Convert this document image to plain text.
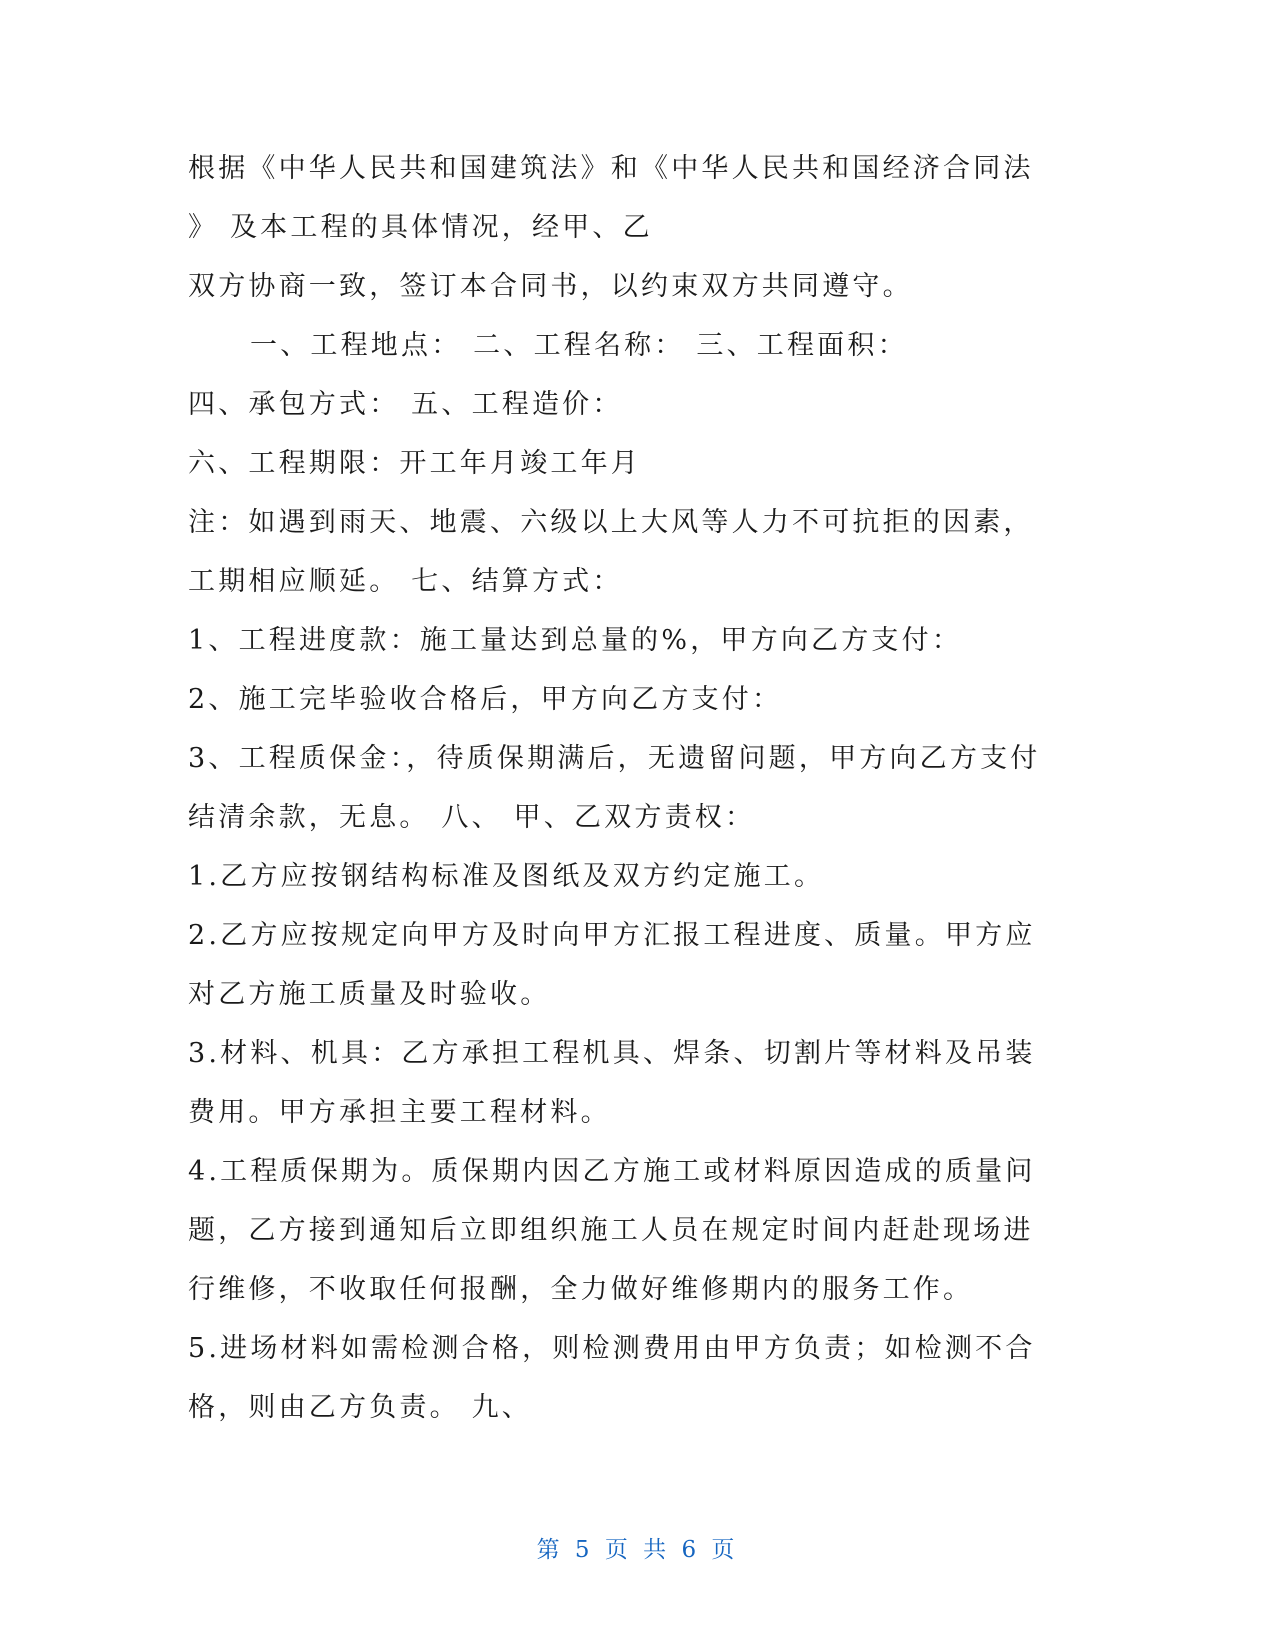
根据《中华人民共和国建筑法》和《中华人民共和国经济合同法
》 及本工程的具体情况，经甲、乙
双方协商一致，签订本合同书，以约束双方共同遵守。
一、工程地点： 二、工程名称： 三、工程面积：
四、承包方式： 五、工程造价：
六、工程期限：开工年月竣工年月
注：如遇到雨天、地震、六级以上大风等人力不可抗拒的因素，
工期相应顺延。 七、结算方式：
1、工程进度款：施工量达到总量的%，甲方向乙方支付：
2、施工完毕验收合格后，甲方向乙方支付：
3、工程质保金：，待质保期满后，无遗留问题，甲方向乙方支付
结清余款，无息。 八、 甲、乙双方责权：
1.乙方应按钢结构标准及图纸及双方约定施工。
2.乙方应按规定向甲方及时向甲方汇报工程进度、质量。甲方应
对乙方施工质量及时验收。
3.材料、机具：乙方承担工程机具、焊条、切割片等材料及吊装
费用。甲方承担主要工程材料。
4.工程质保期为。质保期内因乙方施工或材料原因造成的质量问
题，乙方接到通知后立即组织施工人员在规定时间内赶赴现场进
行维修，不收取任何报酬，全力做好维修期内的服务工作。
5.进场材料如需检测合格，则检测费用由甲方负责；如检测不合
格，则由乙方负责。 九、
第 5 页 共 6 页
